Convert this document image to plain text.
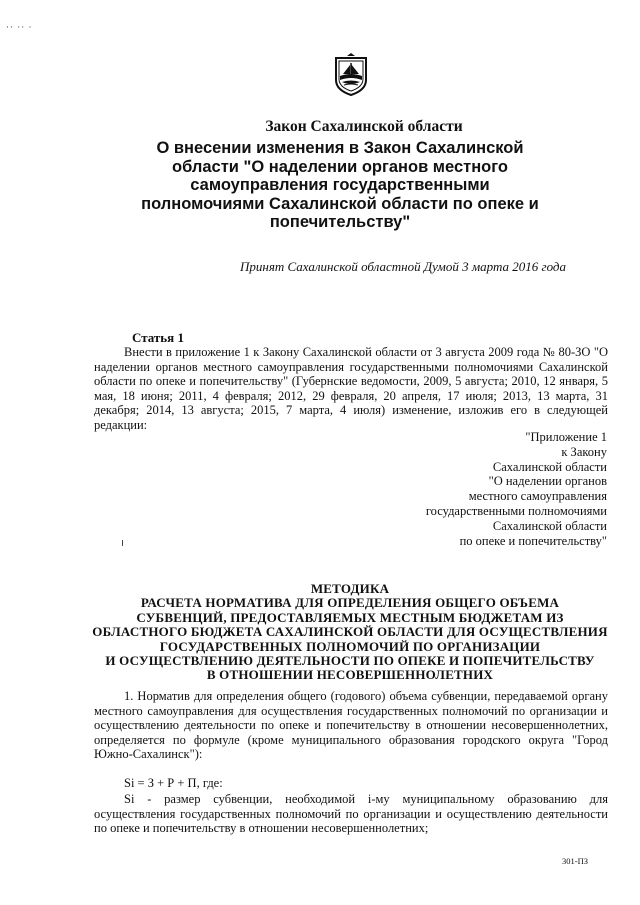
·· ·· ·
Закон Сахалинской области
О внесении изменения в Закон Сахалинской
области "О наделении органов местного
самоуправления государственными
полномочиями Сахалинской области по опеке и
попечительству"
Принят Сахалинской областной Думой 3 марта 2016 года
Статья 1
Внести в приложение 1 к Закону Сахалинской области от 3 августа 2009 года № 80-ЗО "О наделении органов местного самоуправления государственными полномочиями Сахалинской области по опеке и попечительству" (Губернские ведомости, 2009, 5 августа; 2010, 12 января, 5 мая, 18 июня; 2011, 4 февраля; 2012, 29 февраля, 20 апреля, 17 июля; 2013, 13 марта, 31 декабря; 2014, 13 августа; 2015, 7 марта, 4 июля) изменение, изложив его в следующей редакции:
"Приложение 1
к Закону
Сахалинской области
"О наделении органов
местного самоуправления
государственными полномочиями
Сахалинской области
по опеке и попечительству"
МЕТОДИКА
РАСЧЕТА НОРМАТИВА ДЛЯ ОПРЕДЕЛЕНИЯ ОБЩЕГО ОБЪЕМА
СУБВЕНЦИЙ, ПРЕДОСТАВЛЯЕМЫХ МЕСТНЫМ БЮДЖЕТАМ ИЗ
ОБЛАСТНОГО БЮДЖЕТА САХАЛИНСКОЙ ОБЛАСТИ ДЛЯ ОСУЩЕСТВЛЕНИЯ
ГОСУДАРСТВЕННЫХ ПОЛНОМОЧИЙ ПО ОРГАНИЗАЦИИ
И ОСУЩЕСТВЛЕНИЮ ДЕЯТЕЛЬНОСТИ ПО ОПЕКЕ И ПОПЕЧИТЕЛЬСТВУ
В ОТНОШЕНИИ НЕСОВЕРШЕННОЛЕТНИХ
1. Норматив для определения общего (годового) объема субвенции, передаваемой органу местного самоуправления для осуществления государственных полномочий по организации и осуществлению деятельности по опеке и попечительству в отношении несовершеннолетних, определяется по формуле (кроме муниципального образования городского округа "Город Южно-Сахалинск"):
Si = З + Р + П, где:
Si - размер субвенции, необходимой i-му муниципальному образованию для осуществления государственных полномочий по организации и осуществлению деятельности по опеке и попечительству в отношении несовершеннолетних;
301-ПЗ
